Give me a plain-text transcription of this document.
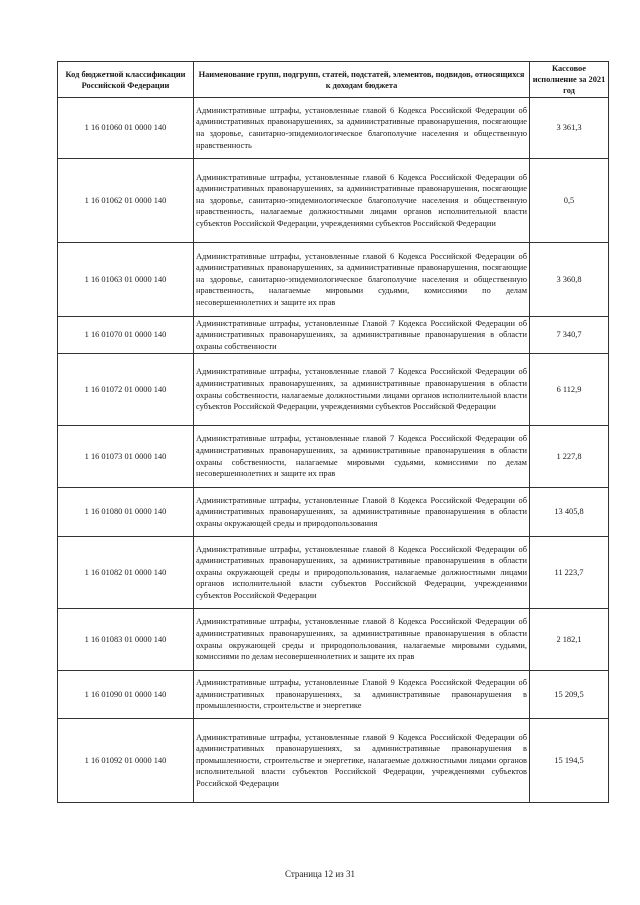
Код бюджетной классификации Российской Федерации	Наименование групп, подгрупп, статей, подстатей, элементов, подвидов, относящихся к доходам бюджета	Кассовое исполнение за 2021 год
1 16 01060 01 0000 140	Административные штрафы, установленные главой 6 Кодекса Российской Федерации об административных правонарушениях, за административные правонарушения, посягающие на здоровье, санитарно-эпидемиологическое благополучие населения и общественную нравственность	3 361,3
1 16 01062 01 0000 140	Административные штрафы, установленные главой 6 Кодекса Российской Федерации об административных правонарушениях, за административные правонарушения, посягающие на здоровье, санитарно-эпидемиологическое благополучие населения и общественную нравственность, налагаемые должностными лицами органов исполнительной власти субъектов Российской Федерации, учреждениями субъектов Российской Федерации	0,5
1 16 01063 01 0000 140	Административные штрафы, установленные главой 6 Кодекса Российской Федерации об административных правонарушениях, за административные правонарушения, посягающие на здоровье, санитарно-эпидемиологическое благополучие населения и общественную нравственность, налагаемые мировыми судьями, комиссиями по делам несовершеннолетних и защите их прав	3 360,8
1 16 01070 01 0000 140	Административные штрафы, установленные Главой 7 Кодекса Российской Федерации об административных правонарушениях, за административные правонарушения в области охраны собственности	7 340,7
1 16 01072 01 0000 140	Административные штрафы, установленные главой 7 Кодекса Российской Федерации об административных правонарушениях, за административные правонарушения в области охраны собственности, налагаемые должностными лицами органов исполнительной власти субъектов Российской Федерации, учреждениями субъектов Российской Федерации	6 112,9
1 16 01073 01 0000 140	Административные штрафы, установленные главой 7 Кодекса Российской Федерации об административных правонарушениях, за административные правонарушения в области охраны собственности, налагаемые мировыми судьями, комиссиями по делам несовершеннолетних и защите их прав	1 227,8
1 16 01080 01 0000 140	Административные штрафы, установленные Главой 8 Кодекса Российской Федерации об административных правонарушениях, за административные правонарушения в области охраны окружающей среды и природопользования	13 405,8
1 16 01082 01 0000 140	Административные штрафы, установленные главой 8 Кодекса Российской Федерации об административных правонарушениях, за административные правонарушения в области охраны окружающей среды и природопользования, налагаемые должностными лицами органов исполнительной власти субъектов Российской Федерации, учреждениями субъектов Российской Федерации	11 223,7
1 16 01083 01 0000 140	Административные штрафы, установленные главой 8 Кодекса Российской Федерации об административных правонарушениях, за административные правонарушения в области охраны окружающей среды и природопользования, налагаемые мировыми судьями, комиссиями по делам несовершеннолетних и защите их прав	2 182,1
1 16 01090 01 0000 140	Административные штрафы, установленные Главой 9 Кодекса Российской Федерации об административных правонарушениях, за административные правонарушения в промышленности, строительстве и энергетике	15 209,5
1 16 01092 01 0000 140	Административные штрафы, установленные главой 9 Кодекса Российской Федерации об административных правонарушениях, за административные правонарушения в промышленности, строительстве и энергетике, налагаемые должностными лицами органов исполнительной власти субъектов Российской Федерации, учреждениями субъектов Российской Федерации	15 194,5
Страница 12 из 31
